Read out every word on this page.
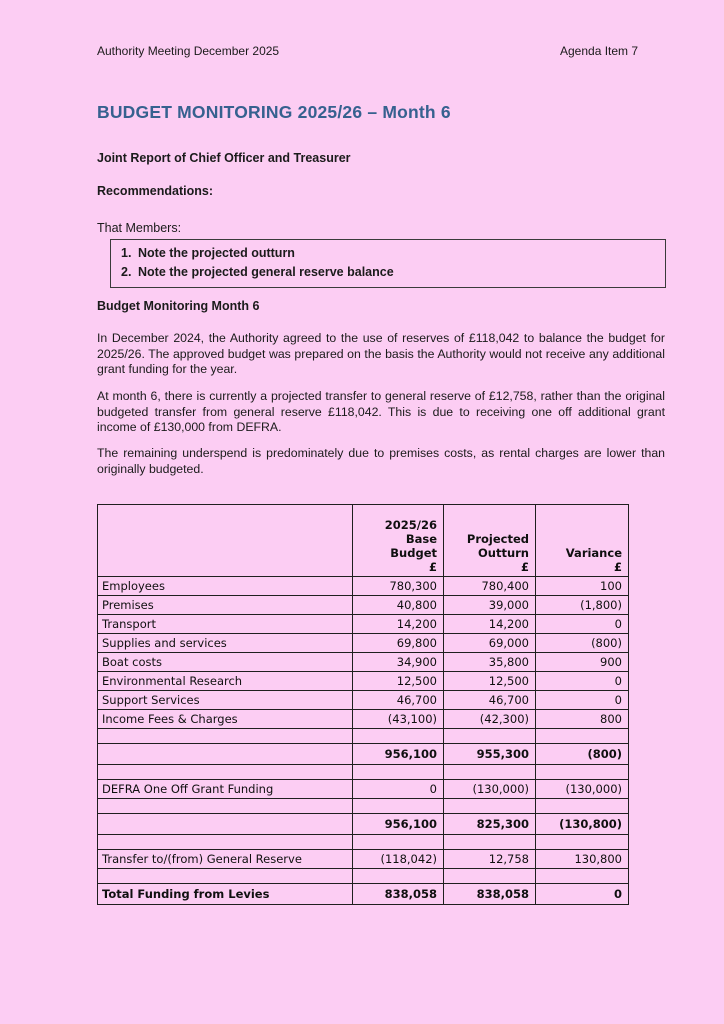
Authority Meeting December 2025	Agenda Item 7
BUDGET MONITORING 2025/26 – Month 6
Joint Report of Chief Officer and Treasurer
Recommendations:
That Members:
1. Note the projected outturn
2. Note the projected general reserve balance
Budget Monitoring Month 6
In December 2024, the Authority agreed to the use of reserves of £118,042 to balance the budget for 2025/26. The approved budget was prepared on the basis the Authority would not receive any additional grant funding for the year.
At month 6, there is currently a projected transfer to general reserve of £12,758, rather than the original budgeted transfer from general reserve £118,042. This is due to receiving one off additional grant income of £130,000 from DEFRA.
The remaining underspend is predominately due to premises costs, as rental charges are lower than originally budgeted.
	2025/26
Base
Budget
£	Projected
Outturn
£	Variance
£
Employees	780,300	780,400	100
Premises	40,800	39,000	(1,800)
Transport	14,200	14,200	0
Supplies and services	69,800	69,000	(800)
Boat costs	34,900	35,800	900
Environmental Research	12,500	12,500	0
Support Services	46,700	46,700	0
Income Fees & Charges	(43,100)	(42,300)	800

	956,100	955,300	(800)

DEFRA One Off Grant Funding	0	(130,000)	(130,000)

	956,100	825,300	(130,800)

Transfer to/(from) General Reserve	(118,042)	12,758	130,800

Total Funding from Levies	838,058	838,058	0
